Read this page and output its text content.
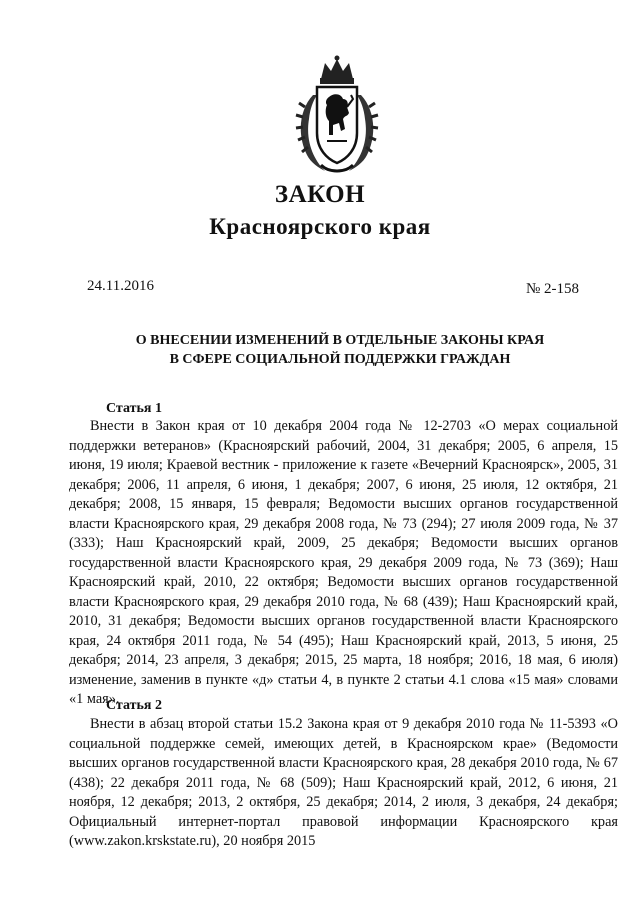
ЗАКОН
Красноярского края
24.11.2016	№ 2-158
О ВНЕСЕНИИ ИЗМЕНЕНИЙ В ОТДЕЛЬНЫЕ ЗАКОНЫ КРАЯ
В СФЕРЕ СОЦИАЛЬНОЙ ПОДДЕРЖКИ ГРАЖДАН
Статья 1

Внести в Закон края от 10 декабря 2004 года № 12-2703 «О мерах социальной поддержки ветеранов» (Красноярский рабочий, 2004, 31 декабря; 2005, 6 апреля, 15 июня, 19 июля; Краевой вестник - приложение к газете «Вечерний Красноярск», 2005, 31 декабря; 2006, 11 апреля, 6 июня, 1 декабря; 2007, 6 июня, 25 июля, 12 октября, 21 декабря; 2008, 15 января, 15 февраля; Ведомости высших органов государственной власти Красноярского края, 29 декабря 2008 года, № 73 (294); 27 июля 2009 года, № 37 (333); Наш Красноярский край, 2009, 25 декабря; Ведомости высших органов государственной власти Красноярского края, 29 декабря 2009 года, № 73 (369); Наш Красноярский край, 2010, 22 октября; Ведомости высших органов государственной власти Красноярского края, 29 декабря 2010 года, № 68 (439); Наш Красноярский край, 2010, 31 декабря; Ведомости высших органов государственной власти Красноярского края, 24 октября 2011 года, № 54 (495); Наш Красноярский край, 2013, 5 июня, 25 декабря; 2014, 23 апреля, 3 декабря; 2015, 25 марта, 18 ноября; 2016, 18 мая, 6 июля) изменение, заменив в пункте «д» статьи 4, в пункте 2 статьи 4.1 слова «15 мая» словами «1 мая».

Статья 2

Внести в абзац второй статьи 15.2 Закона края от 9 декабря 2010 года № 11-5393 «О социальной поддержке семей, имеющих детей, в Красноярском крае» (Ведомости высших органов государственной власти Красноярского края, 28 декабря 2010 года, № 67 (438); 22 декабря 2011 года, № 68 (509); Наш Красноярский край, 2012, 6 июня, 21 ноября, 12 декабря; 2013, 2 октября, 25 декабря; 2014, 2 июля, 3 декабря, 24 декабря; Официальный интернет-портал правовой информации Красноярского края (www.zakon.krskstate.ru), 20 ноября 2015
